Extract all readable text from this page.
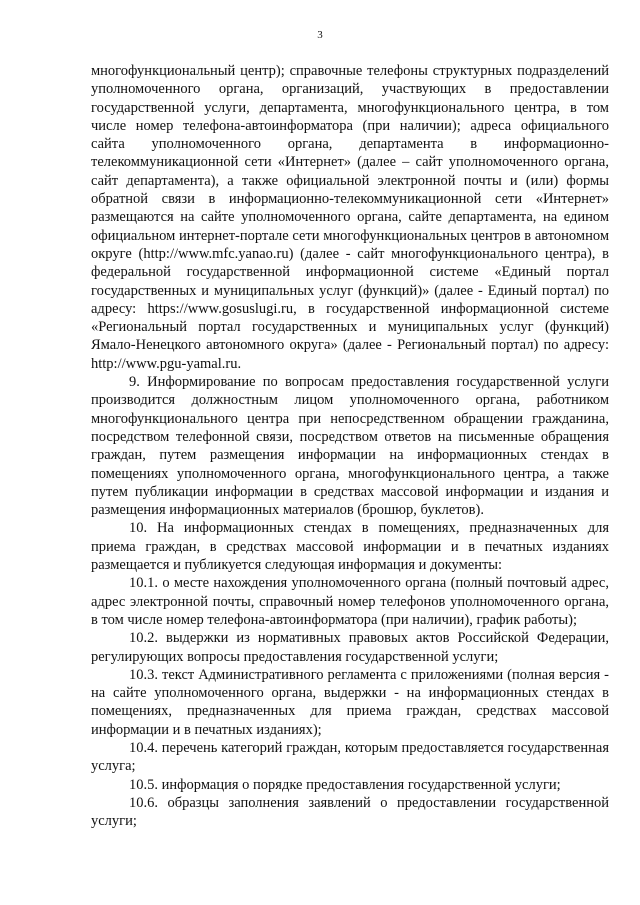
3

многофункциональный центр); справочные телефоны структурных подразделений уполномоченного органа, организаций, участвующих в предоставлении государственной услуги, департамента, многофункционального центра, в том числе номер телефона-автоинформатора (при наличии); адреса официального сайта уполномоченного органа, департамента в информационно-телекоммуникационной сети «Интернет» (далее – сайт уполномоченного органа, сайт департамента), а также официальной электронной почты и (или) формы обратной связи в информационно-телекоммуникационной сети «Интернет» размещаются на сайте уполномоченного органа, сайте департамента, на едином официальном интернет-портале сети многофункциональных центров в автономном округе (http://www.mfc.yanao.ru) (далее - сайт многофункционального центра), в федеральной государственной информационной системе «Единый портал государственных и муниципальных услуг (функций)» (далее - Единый портал) по адресу: https://www.gosuslugi.ru, в государственной информационной системе «Региональный портал государственных и муниципальных услуг (функций) Ямало-Ненецкого автономного округа» (далее - Региональный портал) по адресу: http://www.pgu-yamal.ru.

9. Информирование по вопросам предоставления государственной услуги производится должностным лицом уполномоченного органа, работником многофункционального центра при непосредственном обращении гражданина, посредством телефонной связи, посредством ответов на письменные обращения граждан, путем размещения информации на информационных стендах в помещениях уполномоченного органа, многофункционального центра, а также путем публикации информации в средствах массовой информации и издания и размещения информационных материалов (брошюр, буклетов).

10. На информационных стендах в помещениях, предназначенных для приема граждан, в средствах массовой информации и в печатных изданиях размещается и публикуется следующая информация и документы:

10.1. о месте нахождения уполномоченного органа (полный почтовый адрес, адрес электронной почты, справочный номер телефонов уполномоченного органа, в том числе номер телефона-автоинформатора (при наличии), график работы);

10.2. выдержки из нормативных правовых актов Российской Федерации, регулирующих вопросы предоставления государственной услуги;

10.3. текст Административного регламента с приложениями (полная версия - на сайте уполномоченного органа, выдержки - на информационных стендах в помещениях, предназначенных для приема граждан, средствах массовой информации и в печатных изданиях);

10.4. перечень категорий граждан, которым предоставляется государственная услуга;

10.5. информация о порядке предоставления государственной услуги;

10.6. образцы заполнения заявлений о предоставлении государственной услуги;
